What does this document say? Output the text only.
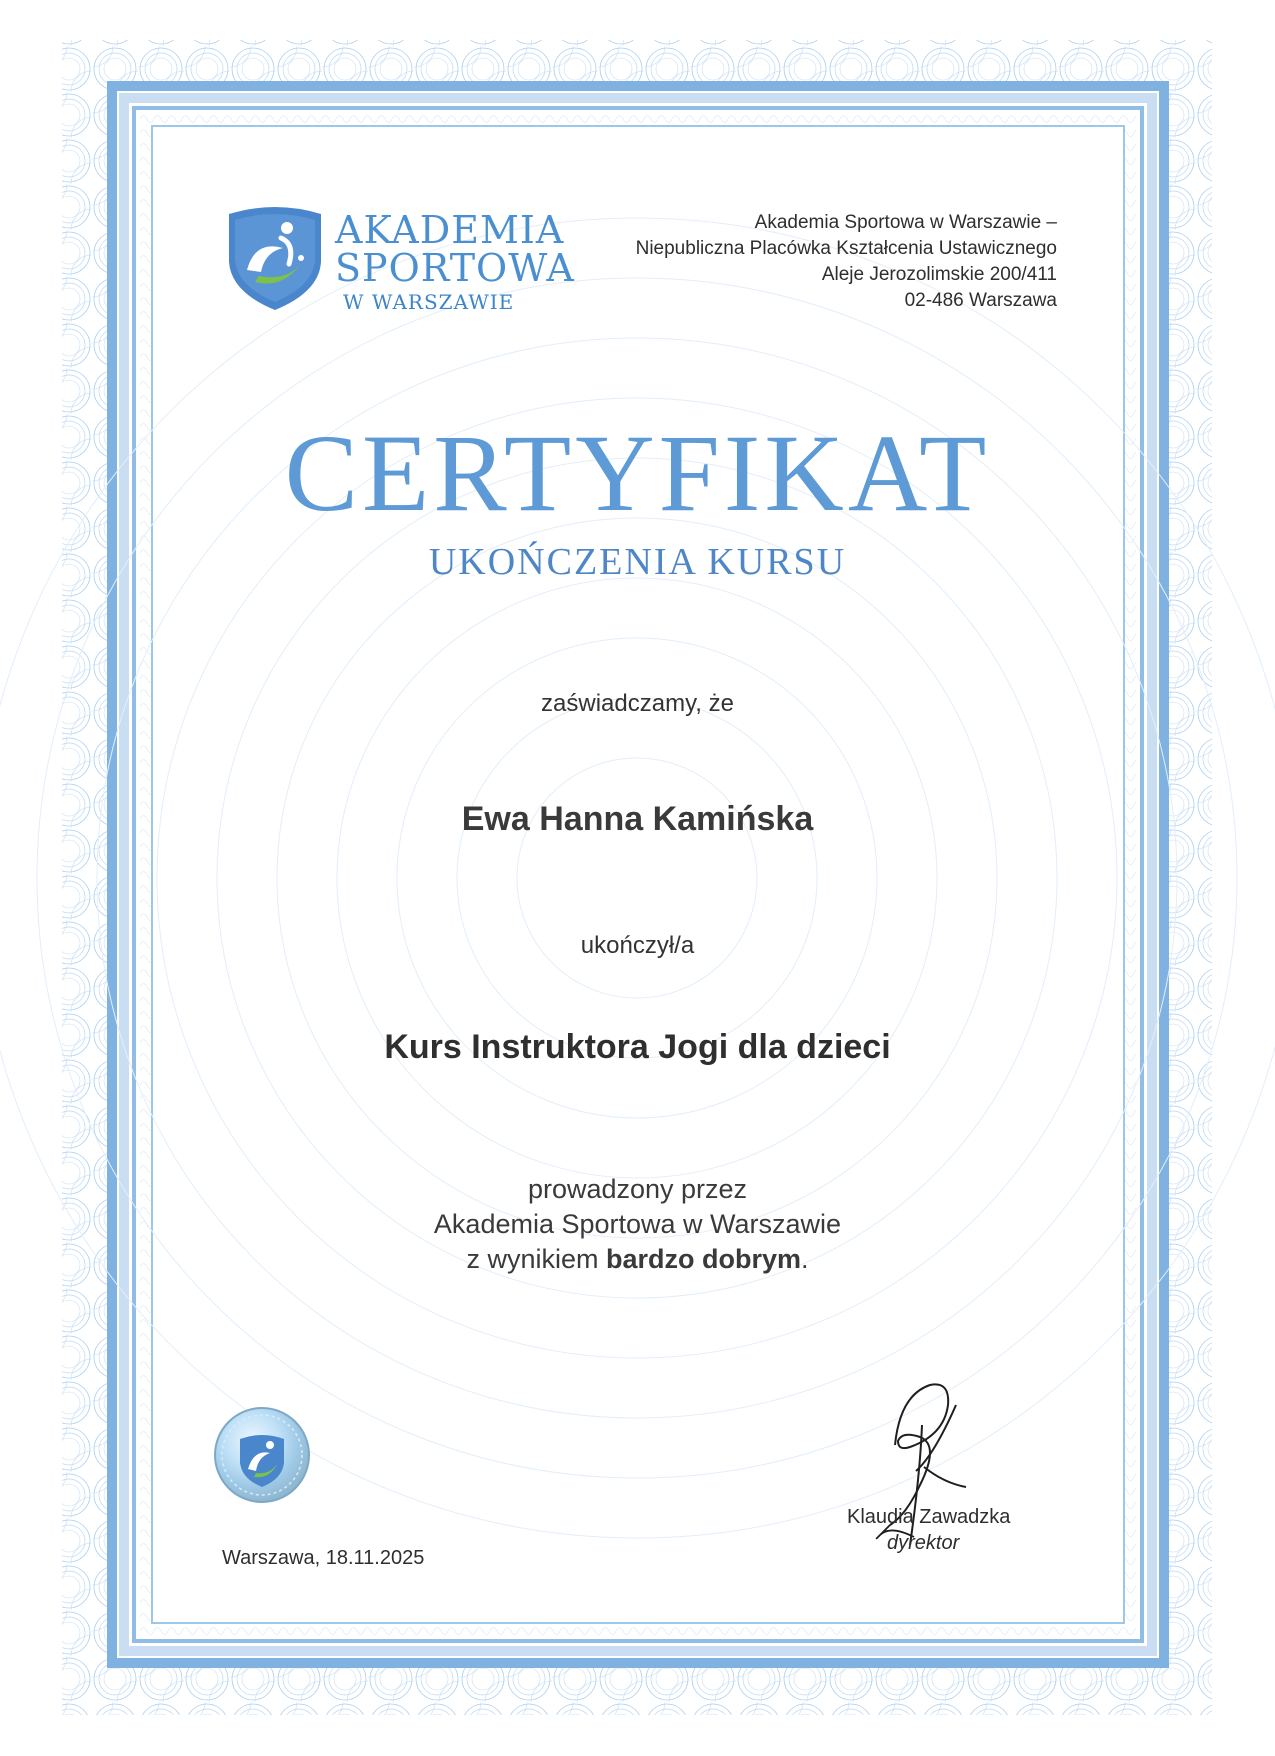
AKADEMIA
SPORTOWA
W WARSZAWIE
Akademia Sportowa w Warszawie –
Niepubliczna Placówka Kształcenia Ustawicznego
Aleje Jerozolimskie 200/411
02-486 Warszawa
CERTYFIKAT
UKOŃCZENIA KURSU
zaświadczamy, że
Ewa Hanna Kamińska
ukończył/a
Kurs Instruktora Jogi dla dzieci
prowadzony przez
Akademia Sportowa w Warszawie
z wynikiem bardzo dobrym.
Warszawa, 18.11.2025
Klaudia Zawadzka
dyrektor
